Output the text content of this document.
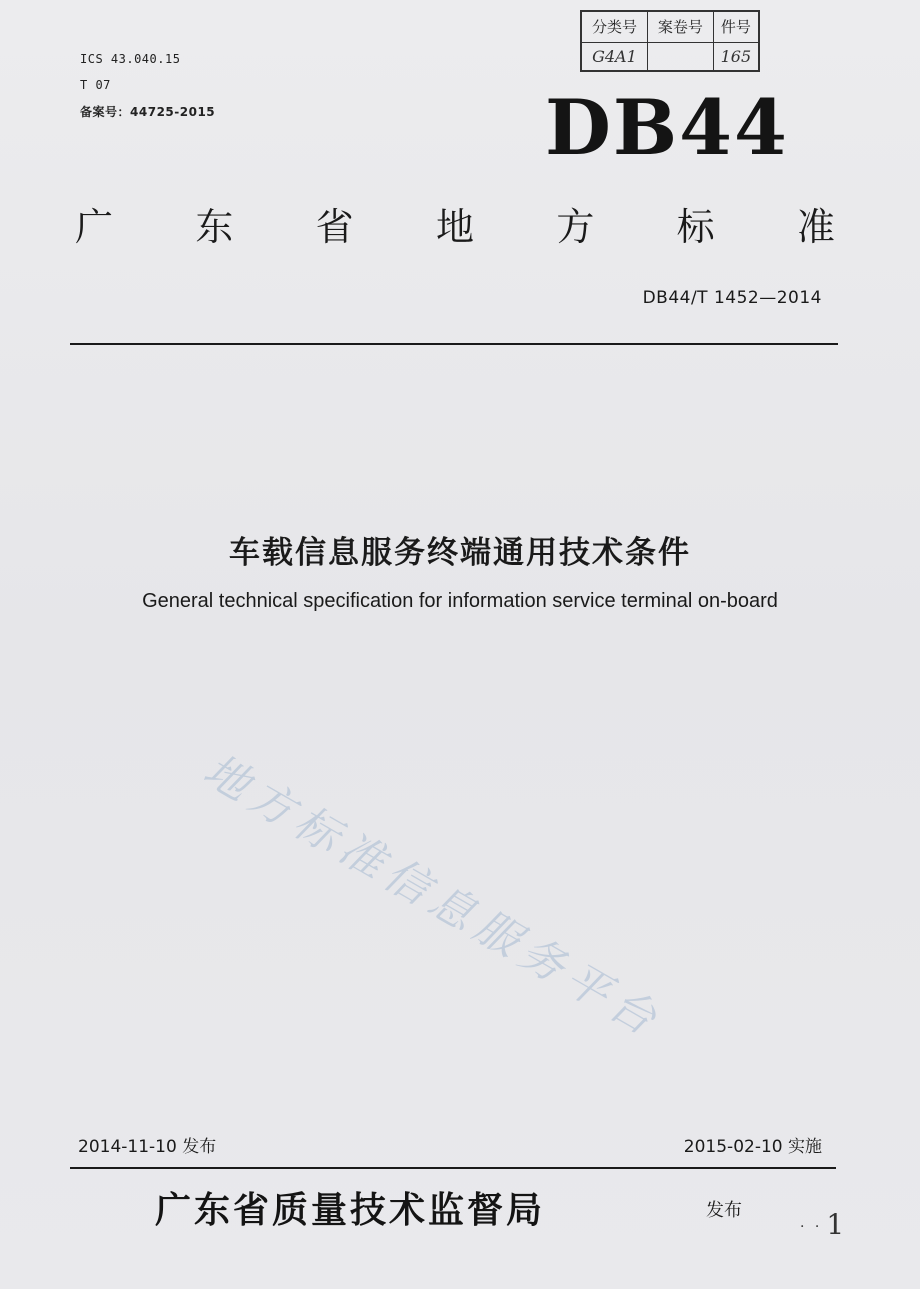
ICS 43.040.15
T 07
备案号：44725-2015
分类号	案卷号	件号
G4A1		165
DB44
广 东 省 地 方 标 准
DB44/T 1452—2014
车载信息服务终端通用技术条件
General technical specification for information service terminal on-board
地方标准信息服务平台
2014-11-10 发布	2015-02-10 实施
广东省质量技术监督局	发布
· · 1
